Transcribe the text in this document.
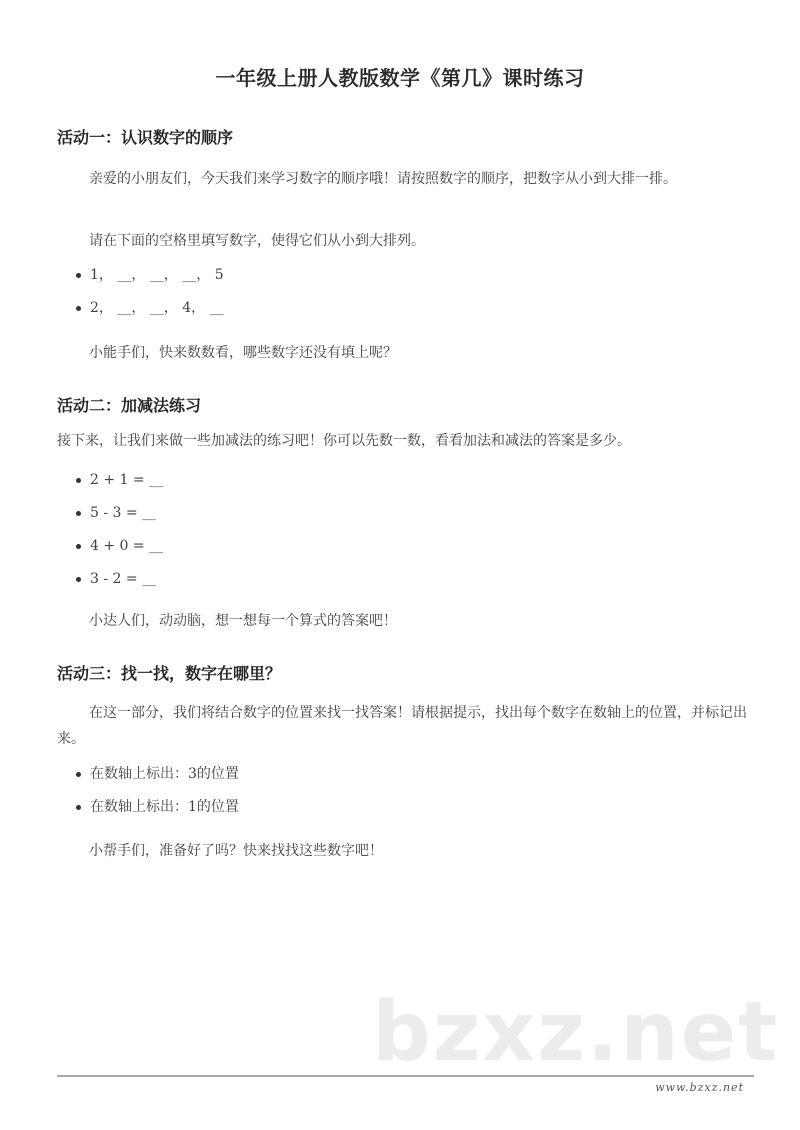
一年级上册人教版数学《第几》课时练习
活动一：认识数字的顺序
亲爱的小朋友们，今天我们来学习数字的顺序哦！请按照数字的顺序，把数字从小到大排一排。
请在下面的空格里填写数字，使得它们从小到大排列。
1， __， __， __， 5
2， __， __， 4， __
小能手们，快来数数看，哪些数字还没有填上呢？
活动二：加减法练习
接下来，让我们来做一些加减法的练习吧！你可以先数一数，看看加法和减法的答案是多少。
2 + 1 = __
5 - 3 = __
4 + 0 = __
3 - 2 = __
小达人们，动动脑，想一想每一个算式的答案吧！
活动三：找一找，数字在哪里？
在这一部分，我们将结合数字的位置来找一找答案！请根据提示，找出每个数字在数轴上的位置，并标记出来。
在数轴上标出：3的位置
在数轴上标出：1的位置
小帮手们，准备好了吗？快来找找这些数字吧！
bzxz.net
www.bzxz.net
